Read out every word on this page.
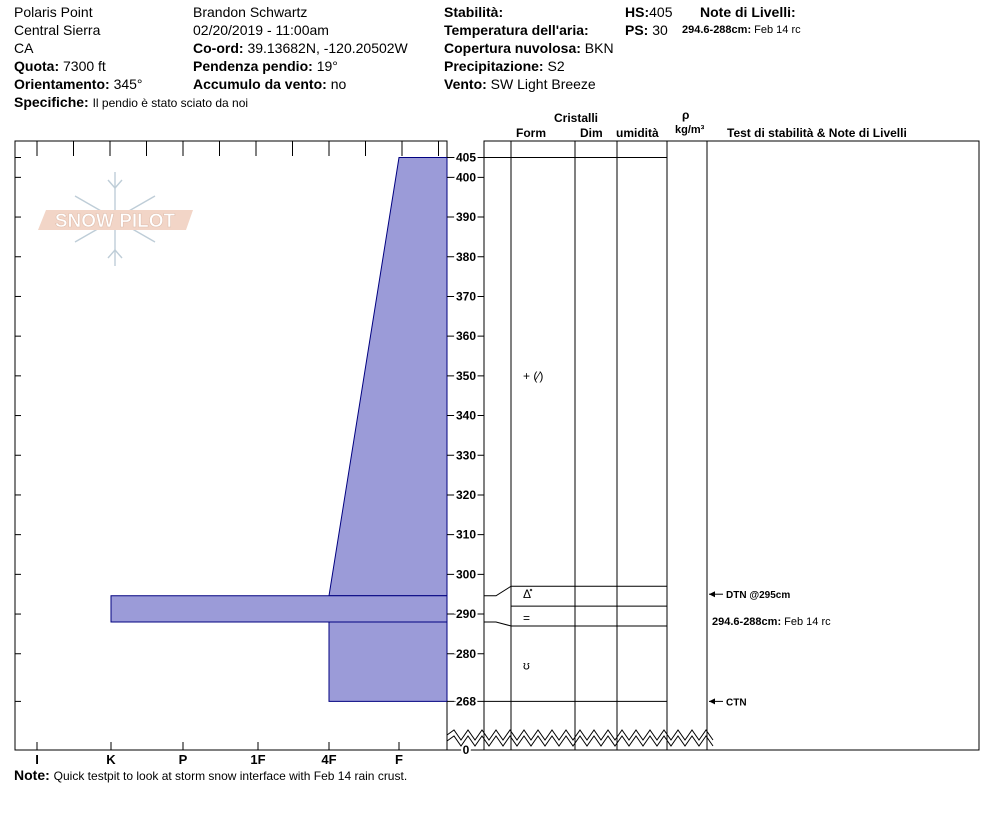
Polaris Point
Central Sierra
CA
Quota: 7300 ft
Orientamento: 345°
Specifiche: Il pendio è stato sciato da noi
Brandon Schwartz
02/20/2019 - 11:00am
Co-ord: 39.13682N, -120.20502W
Pendenza pendio: 19°
Accumulo da vento: no
Stabilità:
Temperatura dell'aria:
Copertura nuvolosa: BKN
Precipitazione: S2
Vento: SW Light Breeze
HS:405
PS: 30
Note di Livelli:
294.6-288cm: Feb 14 rc
Cristalli
Form	Dim umidità
ρ
kg/m³ Test di stabilità & Note di Livelli
SNOW PILOT
I	K	P	1F	4F	F
0
268
280
290
300
310
320
330
340
350
360
370
380
390
400
405
+ (∕)
Δ̽
=
ʊ
DTN @295cm
CTN
294.6-288cm: Feb 14 rc
Note: Quick testpit to look at storm snow interface with Feb 14 rain crust.
